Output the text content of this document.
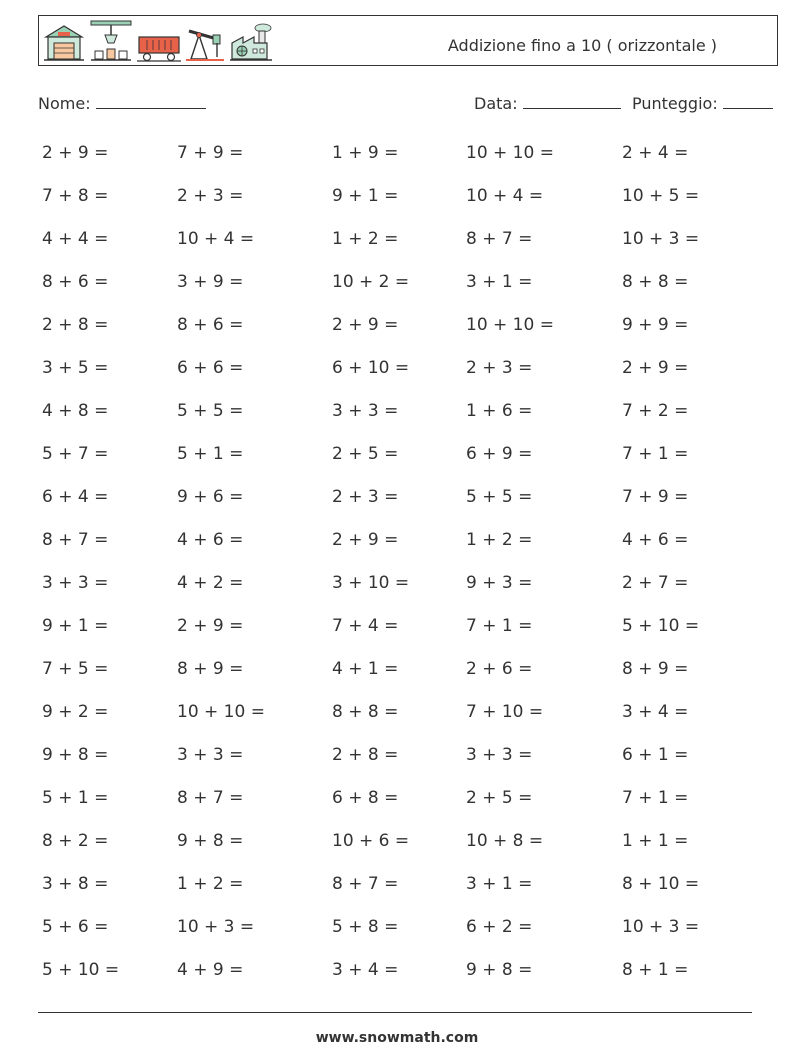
Addizione fino a 10 ( orizzontale )
Nome:	Data:	Punteggio:
2 + 9 =	7 + 9 =	1 + 9 =	10 + 10 =	2 + 4 =
7 + 8 =	2 + 3 =	9 + 1 =	10 + 4 =	10 + 5 =
4 + 4 =	10 + 4 =	1 + 2 =	8 + 7 =	10 + 3 =
8 + 6 =	3 + 9 =	10 + 2 =	3 + 1 =	8 + 8 =
2 + 8 =	8 + 6 =	2 + 9 =	10 + 10 =	9 + 9 =
3 + 5 =	6 + 6 =	6 + 10 =	2 + 3 =	2 + 9 =
4 + 8 =	5 + 5 =	3 + 3 =	1 + 6 =	7 + 2 =
5 + 7 =	5 + 1 =	2 + 5 =	6 + 9 =	7 + 1 =
6 + 4 =	9 + 6 =	2 + 3 =	5 + 5 =	7 + 9 =
8 + 7 =	4 + 6 =	2 + 9 =	1 + 2 =	4 + 6 =
3 + 3 =	4 + 2 =	3 + 10 =	9 + 3 =	2 + 7 =
9 + 1 =	2 + 9 =	7 + 4 =	7 + 1 =	5 + 10 =
7 + 5 =	8 + 9 =	4 + 1 =	2 + 6 =	8 + 9 =
9 + 2 =	10 + 10 =	8 + 8 =	7 + 10 =	3 + 4 =
9 + 8 =	3 + 3 =	2 + 8 =	3 + 3 =	6 + 1 =
5 + 1 =	8 + 7 =	6 + 8 =	2 + 5 =	7 + 1 =
8 + 2 =	9 + 8 =	10 + 6 =	10 + 8 =	1 + 1 =
3 + 8 =	1 + 2 =	8 + 7 =	3 + 1 =	8 + 10 =
5 + 6 =	10 + 3 =	5 + 8 =	6 + 2 =	10 + 3 =
5 + 10 =	4 + 9 =	3 + 4 =	9 + 8 =	8 + 1 =
www.snowmath.com
